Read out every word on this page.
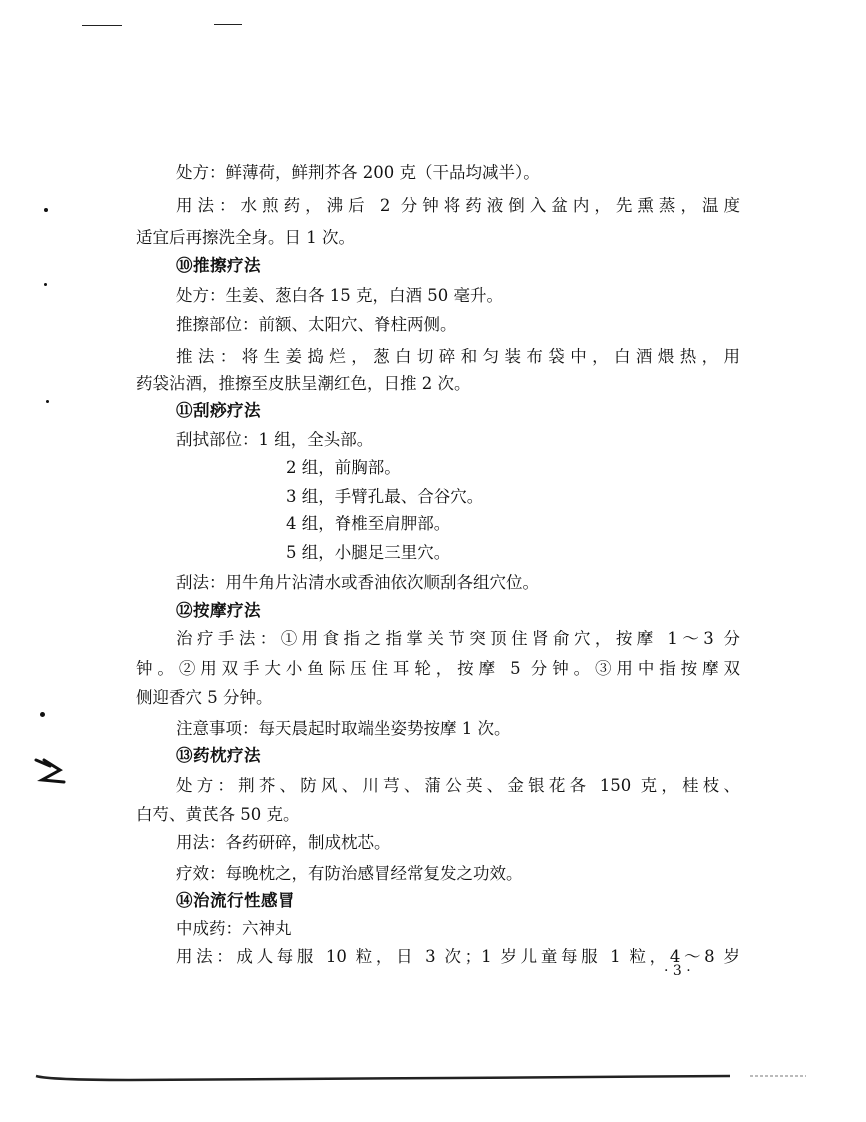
处方：鲜薄荷，鲜荆芥各 200 克（干品均减半）。
用法：水煎药，沸后 2 分钟将药液倒入盆内，先熏蒸，温度
适宜后再擦洗全身。日 1 次。
⑩推擦疗法
处方：生姜、葱白各 15 克，白酒 50 毫升。
推擦部位：前额、太阳穴、脊柱两侧。
推法：将生姜捣烂，葱白切碎和匀装布袋中，白酒煨热，用
药袋沾酒，推擦至皮肤呈潮红色，日推 2 次。
⑪刮痧疗法
刮拭部位：1 组，全头部。
2 组，前胸部。
3 组，手臂孔最、合谷穴。
4 组，脊椎至肩胛部。
5 组，小腿足三里穴。
刮法：用牛角片沾清水或香油依次顺刮各组穴位。
⑫按摩疗法
治疗手法：①用食指之指掌关节突顶住肾俞穴，按摩 1～3 分
钟。②用双手大小鱼际压住耳轮，按摩 5 分钟。③用中指按摩双
侧迎香穴 5 分钟。
注意事项：每天晨起时取端坐姿势按摩 1 次。
⑬药枕疗法
处方：荆芥、防风、川芎、蒲公英、金银花各 150 克，桂枝、
白芍、黄芪各 50 克。
用法：各药研碎，制成枕芯。
疗效：每晚枕之，有防治感冒经常复发之功效。
⑭治流行性感冒
中成药：六神丸
用法：成人每服 10 粒，日 3 次；1 岁儿童每服 1 粒，4～8 岁
· 3 ·
